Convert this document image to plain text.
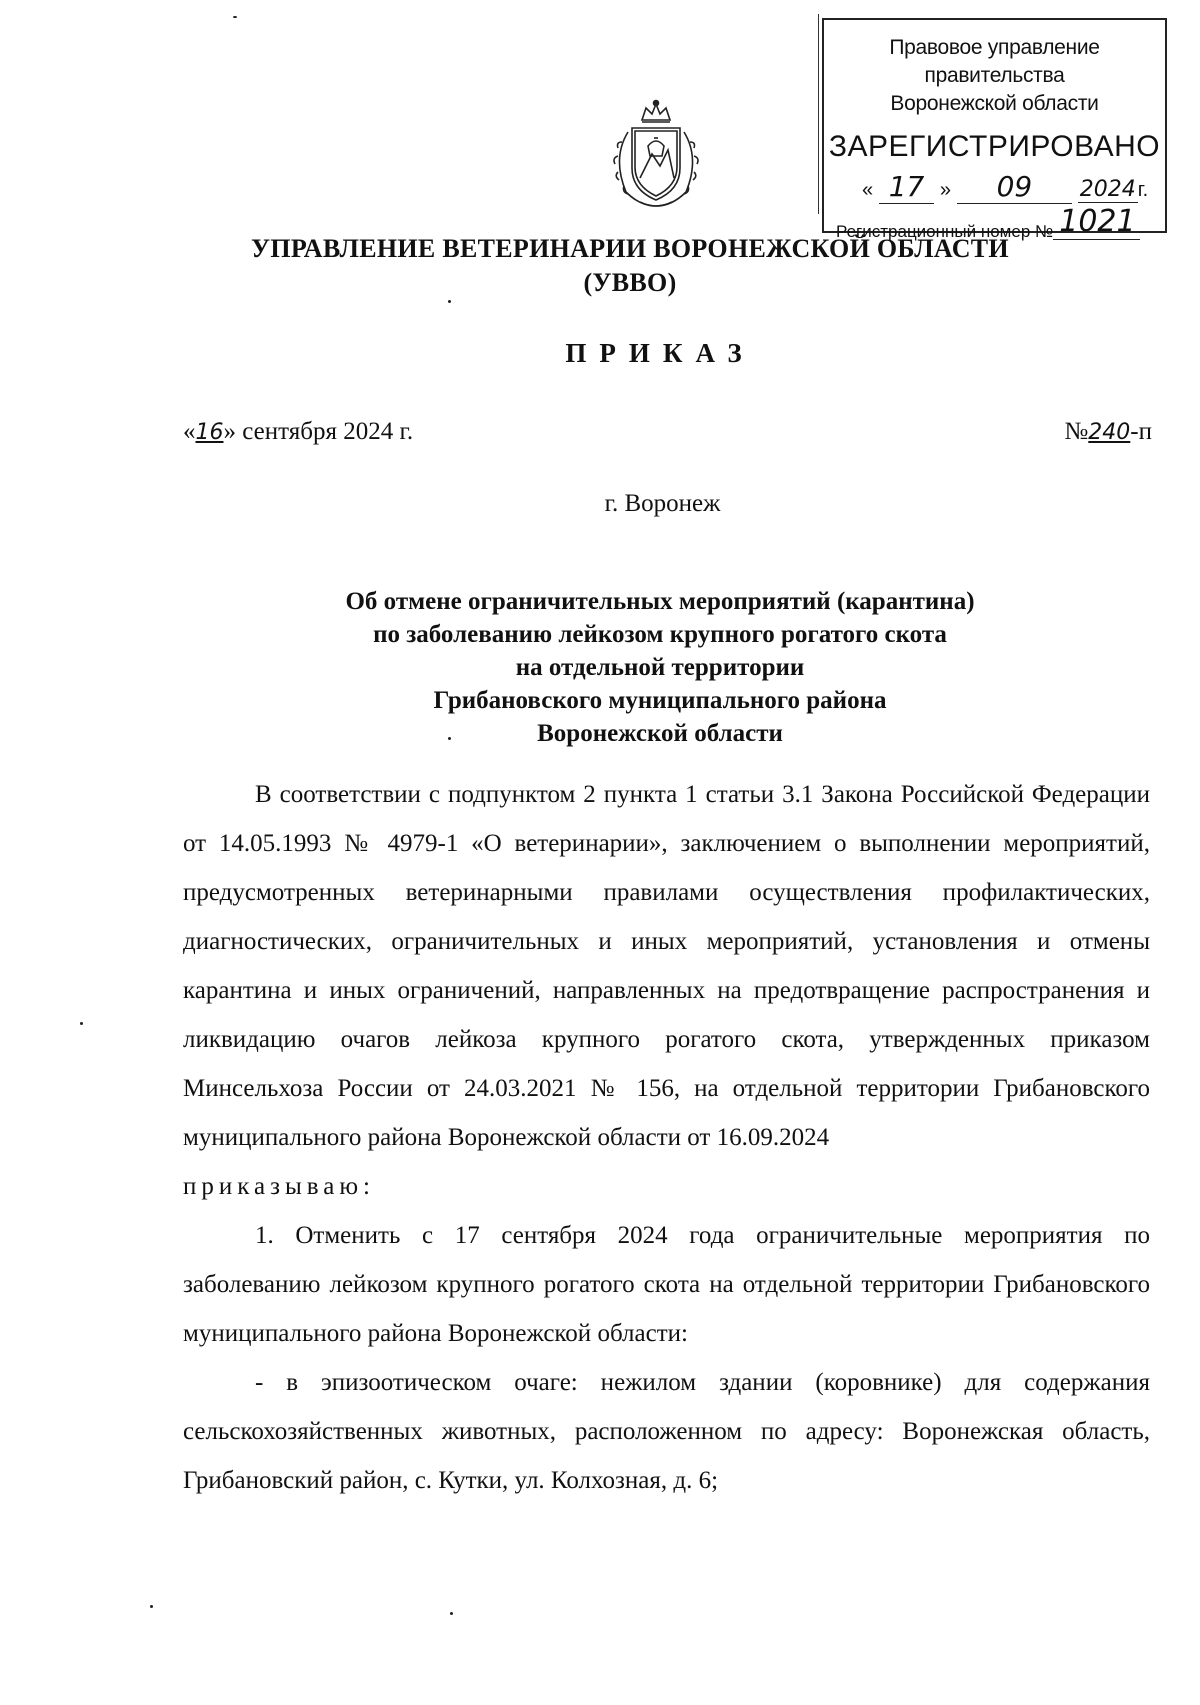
Правовое управление правительства
Воронежской области
ЗАРЕГИСТРИРОВАНО
« 17 » 09 2024 г.
Регистрационный номер № 1021
УПРАВЛЕНИЕ ВЕТЕРИНАРИИ ВОРОНЕЖСКОЙ ОБЛАСТИ
(УВВО)
ПРИКАЗ
«16» сентября 2024 г.	№240-п
г. Воронеж
Об отмене ограничительных мероприятий (карантина)
по заболеванию лейкозом крупного рогатого скота
на отдельной территории
Грибановского муниципального района
Воронежской области

В соответствии с подпунктом 2 пункта 1 статьи 3.1 Закона Российской Федерации от 14.05.1993 № 4979-1 «О ветеринарии», заключением о выполнении мероприятий, предусмотренных ветеринарными правилами осуществления профилактических, диагностических, ограничительных и иных мероприятий, установления и отмены карантина и иных ограничений, направленных на предотвращение распространения и ликвидацию очагов лейкоза крупного рогатого скота, утвержденных приказом Минсельхоза России от 24.03.2021 № 156, на отдельной территории Грибановского муниципального района Воронежской области от 16.09.2024

приказываю:

1. Отменить с 17 сентября 2024 года ограничительные мероприятия по заболеванию лейкозом крупного рогатого скота на отдельной территории Грибановского муниципального района Воронежской области:

- в эпизоотическом очаге: нежилом здании (коровнике) для содержания сельскохозяйственных животных, расположенном по адресу: Воронежская область, Грибановский район, с. Кутки, ул. Колхозная, д. 6;
